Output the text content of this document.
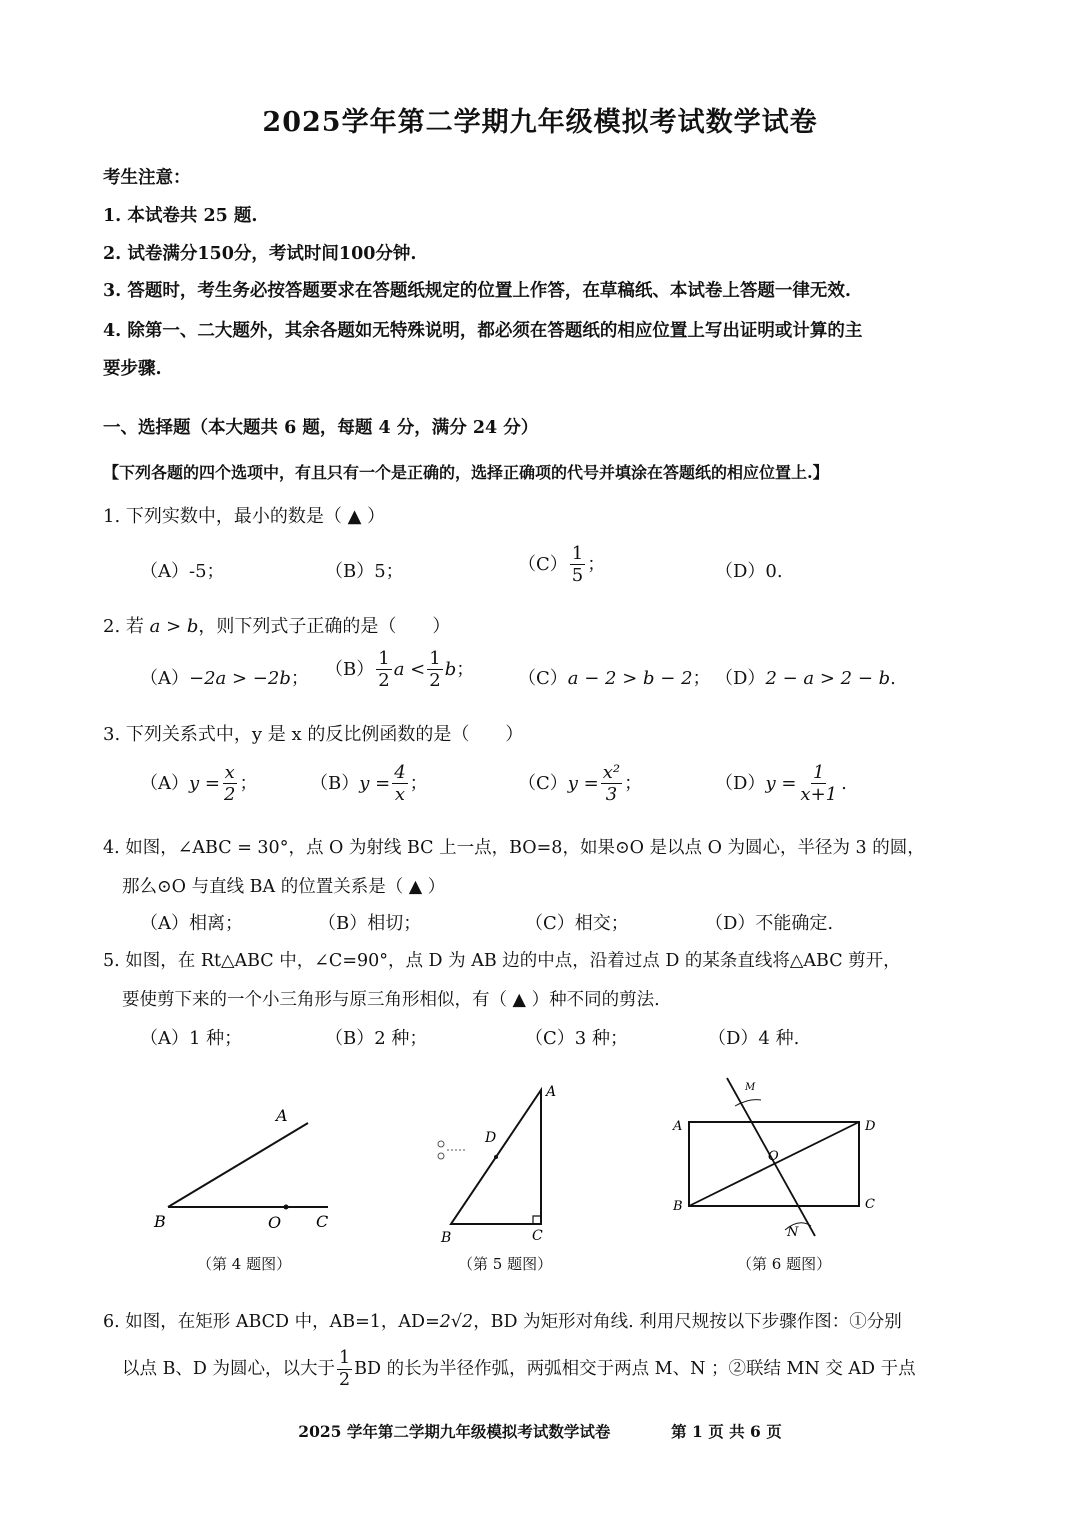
2025学年第二学期九年级模拟考试数学试卷
考生注意：
1. 本试卷共 25 题.
2. 试卷满分150分，考试时间100分钟.
3. 答题时，考生务必按答题要求在答题纸规定的位置上作答，在草稿纸、本试卷上答题一律无效.
4. 除第一、二大题外，其余各题如无特殊说明，都必须在答题纸的相应位置上写出证明或计算的主
要步骤.
一、选择题（本大题共 6 题，每题 4 分，满分 24 分）
【下列各题的四个选项中，有且只有一个是正确的，选择正确项的代号并填涂在答题纸的相应位置上.】
1. 下列实数中，最小的数是（ ▲ ）
（A）-5；	（B）5；	$(C) \frac{1}{5}$ ；	（D）0.
2. 若 a > b，则下列式子正确的是（　　）
（A）−2a > −2b； $(B) \frac{1}{2}$ $a < \frac{1}{2}$ b； （C）a − 2 > b − 2； （D）2 − a > 2 − b.
3. 下列关系式中，y 是 x 的反比例函数的是（　　）
$(A)y = \frac{x}{2}$ ；	$(B)y = \frac{4}{x}$ ；	$(C)y = \frac{\text{x²}}{3}$ ；	$(D)y = \frac{1}{x+1}$ .
4. 如图，∠ABC = 30°，点 O 为射线 BC 上一点，BO=8，如果⊙O 是以点 O 为圆心，半径为 3 的圆，
那么⊙O 与直线 BA 的位置关系是（ ▲ ）
（A）相离；	（B）相切；	（C）相交；	（D）不能确定.
5. 如图，在 Rt△ABC 中，∠C=90°，点 D 为 AB 边的中点，沿着过点 D 的某条直线将△ABC 剪开，
要使剪下来的一个小三角形与原三角形相似，有（ ▲ ）种不同的剪法.
（A）1 种；	（B）2 种；	（C）3 种；	（D）4 种.
A
B	O C
（第 4 题图）
A
D
B	C
（第 5 题图）
A	D
B	C
O
M
N
（第 6 题图）
6. 如图，在矩形 ABCD 中，AB=1，AD=2√2，BD 为矩形对角线. 利用尺规按以下步骤作图：①分别
以点 B、D 为圆心，以大于 $\frac{1}{2}$ BD 的长为半径作弧，两弧相交于两点 M、N ；②联结 MN 交 AD 于点
2025 学年第二学期九年级模拟考试数学试卷	第 1 页 共 6 页
